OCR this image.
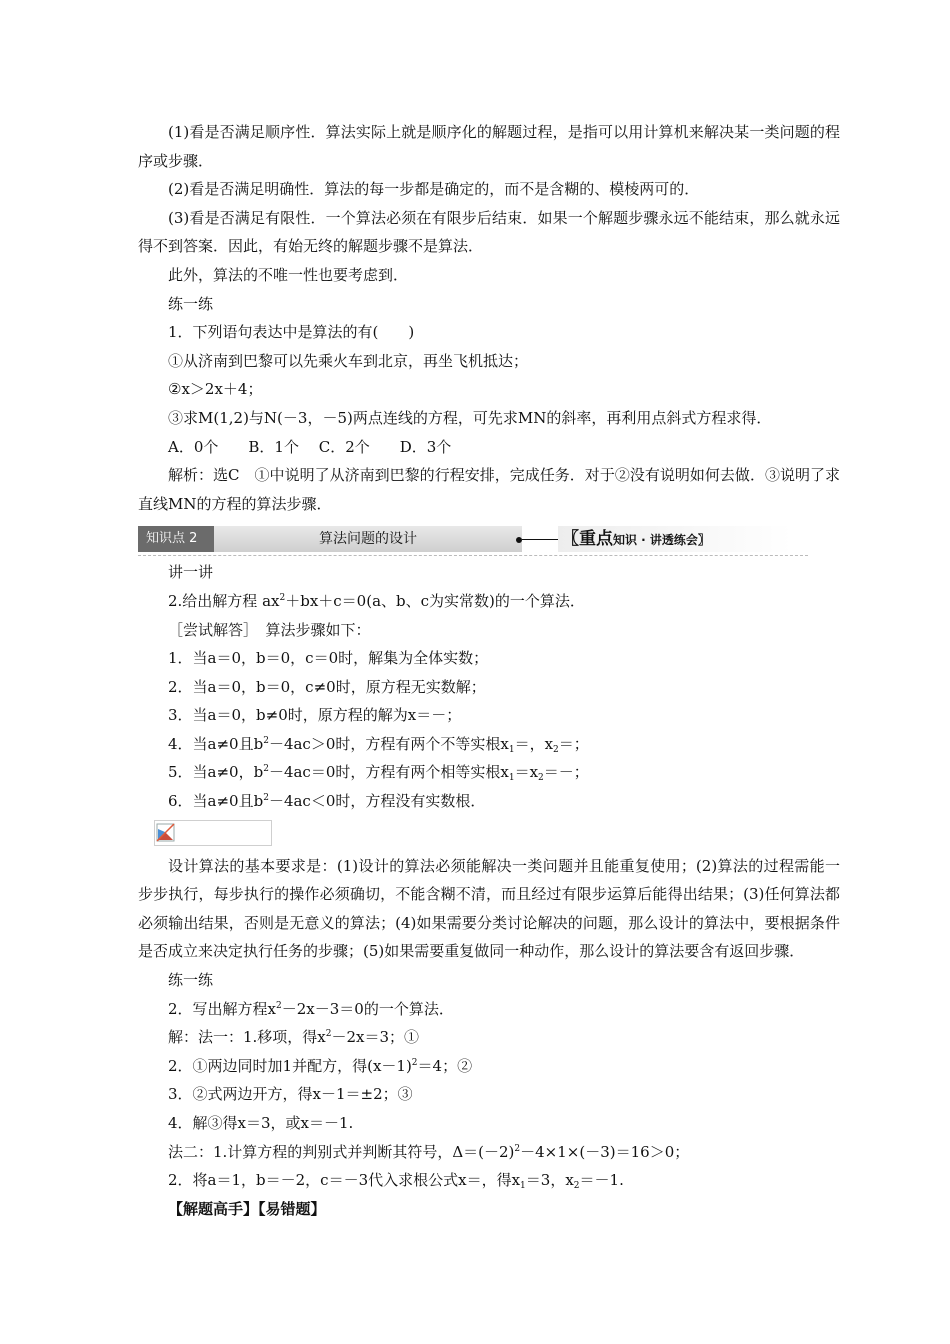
(1)看是否满足顺序性．算法实际上就是顺序化的解题过程，是指可以用计算机来解决某一类问题的程序或步骤．

(2)看是否满足明确性．算法的每一步都是确定的，而不是含糊的、模棱两可的．

(3)看是否满足有限性．一个算法必须在有限步后结束．如果一个解题步骤永远不能结束，那么就永远得不到答案．因此，有始无终的解题步骤不是算法．

此外，算法的不唯一性也要考虑到．

练一练

1．下列语句表达中是算法的有(　　)

①从济南到巴黎可以先乘火车到北京，再坐飞机抵达；

②x＞2x＋4；

③求M(1,2)与N(－3，－5)两点连线的方程，可先求MN的斜率，再利用点斜式方程求得．

A．0个　　B．1个　 C．2个　　D．3个

解析：选C　①中说明了从济南到巴黎的行程安排，完成任务．对于②没有说明如何去做．③说明了求直线MN的方程的算法步骤．

知识点 2	算法问题的设计	〖重点知识 · 讲透练会〗

讲一讲

2.给出解方程 $ax^2+bx+c=0(a$、b、c为实常数)的一个算法．

［尝试解答］　算法步骤如下：

1．当a＝0，b＝0，c＝0时，解集为全体实数；

2．当a＝0，b＝0，c≠0时，原方程无实数解；

3．当a＝0，b≠0时，原方程的解为x＝－；

4．当a≠0且$b^2-4ac>0$时，方程有两个不等实根$x_1=$，$x_2=$；

5．当a≠0，$b^2-4ac=0$时，方程有两个相等实根$x_1=x_2=-$；

6．当a≠0且$b^2-4ac<0$时，方程没有实数根．

设计算法的基本要求是：(1)设计的算法必须能解决一类问题并且能重复使用；(2)算法的过程需能一步步执行，每步执行的操作必须确切，不能含糊不清，而且经过有限步运算后能得出结果；(3)任何算法都必须输出结果，否则是无意义的算法；(4)如果需要分类讨论解决的问题，那么设计的算法中，要根据条件是否成立来决定执行任务的步骤；(5)如果需要重复做同一种动作，那么设计的算法要含有返回步骤．

练一练

2．写出解方程$x^2-2x-3=0$的一个算法．

解：法一：1.移项，得$x^2-2x=3$；①

2．①两边同时加1并配方，得$(x-1)^2=4$；②

3．②式两边开方，得x－1＝±2；③

4．解③得x＝3，或x＝－1.

法二：1.计算方程的判别式并判断其符号，$\Delta=(-2)^2-4\times 1\times(-3)=16>0$；

2．将a＝1，b＝－2，c＝－3代入求根公式x＝，得$x_1=3$，$x_2=-1$.

【解题高手】【易错题】
